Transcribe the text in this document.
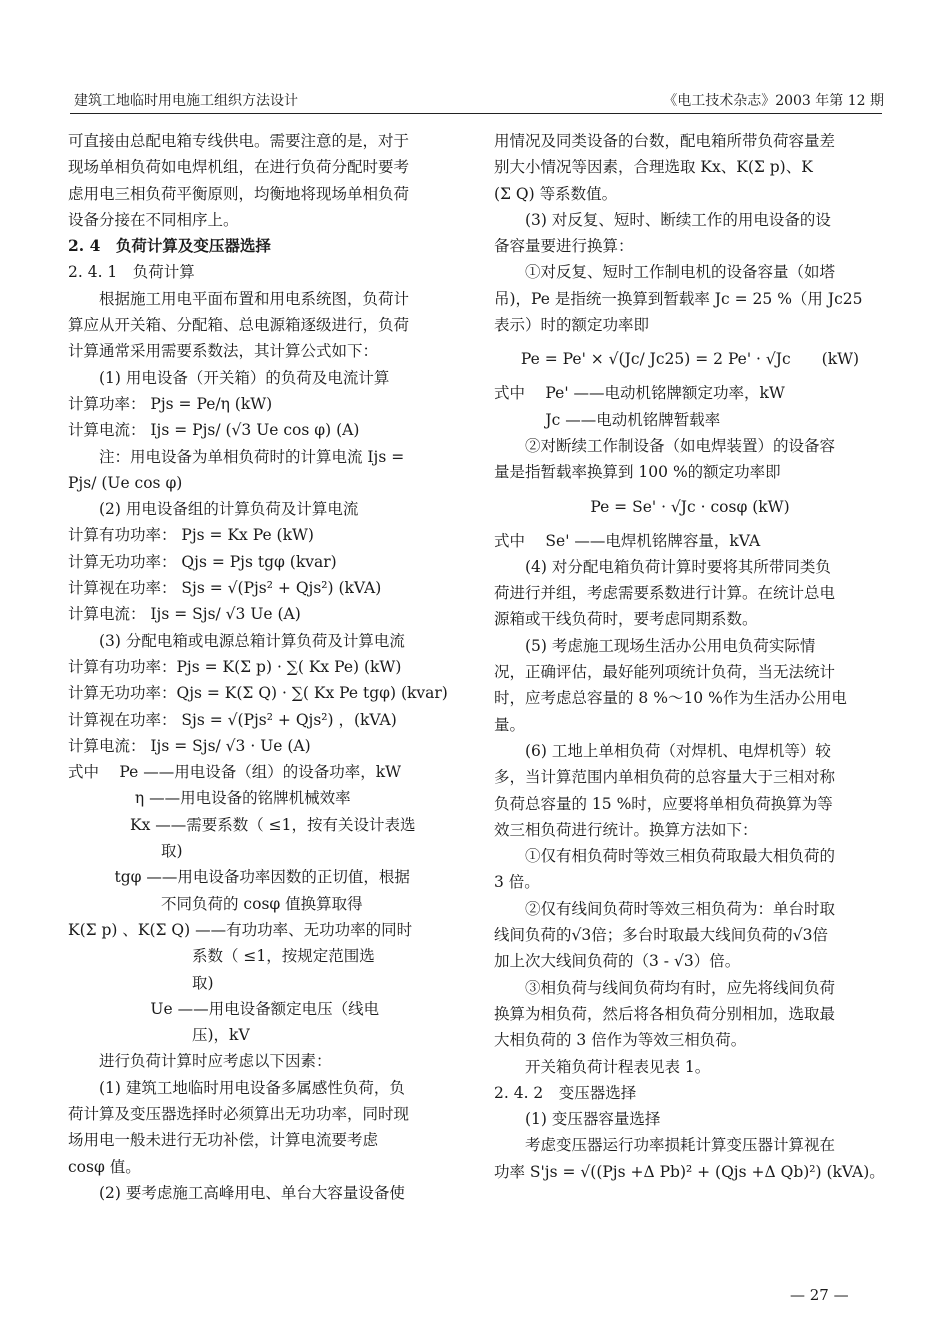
建筑工地临时用电施工组织方法设计	《电工技术杂志》2003 年第 12 期
可直接由总配电箱专线供电。需要注意的是，对于
现场单相负荷如电焊机组，在进行负荷分配时要考
虑用电三相负荷平衡原则，均衡地将现场单相负荷
设备分接在不同相序上。
2. 4　负荷计算及变压器选择
2. 4. 1　负荷计算
　　根据施工用电平面布置和用电系统图，负荷计
算应从开关箱、分配箱、总电源箱逐级进行，负荷
计算通常采用需要系数法，其计算公式如下：
　　(1) 用电设备（开关箱）的负荷及电流计算
计算功率： Pjs = Pe/η (kW)
计算电流： Ijs = Pjs/ (√3 Ue cos φ) (A)
　　注：用电设备为单相负荷时的计算电流 Ijs =
Pjs/ (Ue cos φ)
　　(2) 用电设备组的计算负荷及计算电流
计算有功功率： Pjs = Kx Pe (kW)
计算无功功率： Qjs = Pjs tgφ (kvar)
计算视在功率： Sjs = √(Pjs² + Qjs²) (kVA)
计算电流： Ijs = Sjs/ √3 Ue (A)
　　(3) 分配电箱或电源总箱计算负荷及计算电流
计算有功功率：Pjs = K(Σ p) · ∑( Kx Pe) (kW)
计算无功功率：Qjs = K(Σ Q) · ∑( Kx Pe tgφ) (kvar)
计算视在功率： Sjs = √(Pjs² + Qjs²) ，(kVA)
计算电流： Ijs = Sjs/ √3 · Ue (A)
式中　 Pe ——用电设备（组）的设备功率，kW
　　　　 η ——用电设备的铭牌机械效率
　　　　Kx ——需要系数（ ≤1，按有关设计表选
　　　　　　取)
　　　tgφ ——用电设备功率因数的正切值，根据
　　　　　　不同负荷的 cosφ 值换算取得
K(Σ p) 、K(Σ Q) ——有功功率、无功功率的同时
　　　　　　　　系数（ ≤1，按规定范围选
　　　　　　　　取)
　　　　　 Ue ——用电设备额定电压（线电
　　　　　　　　压)，kV
　　进行负荷计算时应考虑以下因素：
　　(1) 建筑工地临时用电设备多属感性负荷，负
荷计算及变压器选择时必须算出无功功率，同时现
场用电一般未进行无功补偿，计算电流要考虑
cosφ 值。
　　(2) 要考虑施工高峰用电、单台大容量设备使
用情况及同类设备的台数，配电箱所带负荷容量差
别大小情况等因素，合理选取 Kx、K(Σ p)、K
(Σ Q) 等系数值。
　　(3) 对反复、短时、断续工作的用电设备的设
备容量要进行换算：
　　①对反复、短时工作制电机的设备容量（如塔
吊)，Pe 是指统一换算到暂载率 Jc = 25 %（用 Jc25
表示）时的额定功率即
Pe = Pe' × √(Jc/ Jc25) = 2 Pe' · √Jc　　(kW)
式中　 Pe' ——电动机铭牌额定功率，kW
　　　 Jc ——电动机铭牌暂载率
　　②对断续工作制设备（如电焊装置）的设备容
量是指暂载率换算到 100 %的额定功率即
Pe = Se' · √Jc · cosφ (kW)
式中　 Se' ——电焊机铭牌容量，kVA
　　(4) 对分配电箱负荷计算时要将其所带同类负
荷进行并组，考虑需要系数进行计算。在统计总电
源箱或干线负荷时，要考虑同期系数。
　　(5) 考虑施工现场生活办公用电负荷实际情
况，正确评估，最好能列项统计负荷，当无法统计
时，应考虑总容量的 8 %～10 %作为生活办公用电
量。
　　(6) 工地上单相负荷（对焊机、电焊机等）较
多，当计算范围内单相负荷的总容量大于三相对称
负荷总容量的 15 %时，应要将单相负荷换算为等
效三相负荷进行统计。换算方法如下：
　　①仅有相负荷时等效三相负荷取最大相负荷的
3 倍。
　　②仅有线间负荷时等效三相负荷为：单台时取
线间负荷的√3倍；多台时取最大线间负荷的√3倍
加上次大线间负荷的（3 - √3）倍。
　　③相负荷与线间负荷均有时，应先将线间负荷
换算为相负荷，然后将各相负荷分别相加，选取最
大相负荷的 3 倍作为等效三相负荷。
　　开关箱负荷计程表见表 1。
2. 4. 2　变压器选择
　　(1) 变压器容量选择
　　考虑变压器运行功率损耗计算变压器计算视在
功率 S'js = √((Pjs +Δ Pb)² + (Qjs +Δ Qb)²) (kVA)。
— 27 —
